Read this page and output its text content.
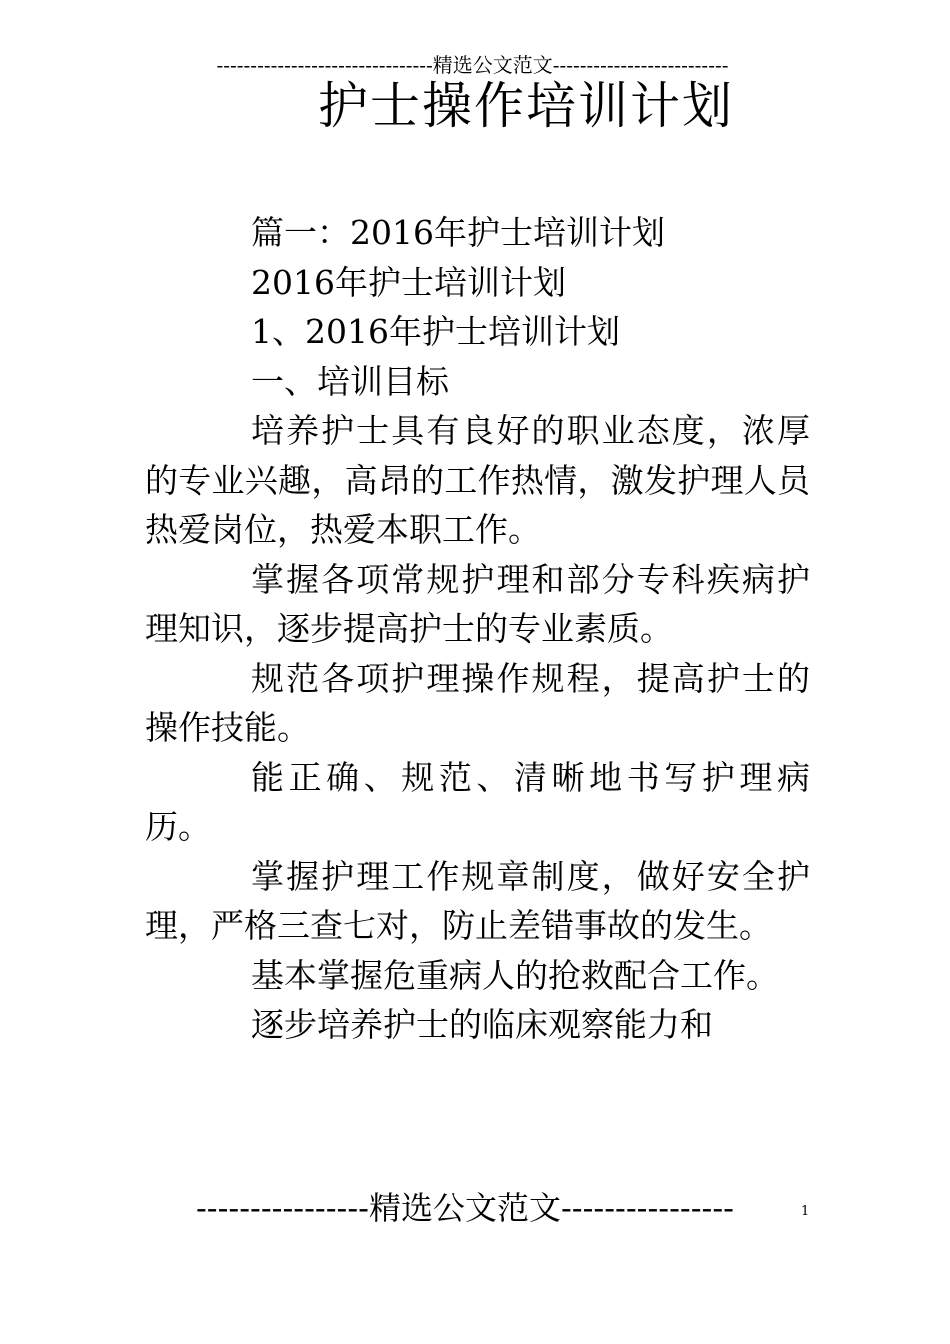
--------------------------------精选公文范文--------------------------
护士操作培训计划

篇一：2016年护士培训计划

2016年护士培训计划

1、2016年护士培训计划

一、培训目标

培养护士具有良好的职业态度，浓厚的专业兴趣，高昂的工作热情，激发护理人员热爱岗位，热爱本职工作。

掌握各项常规护理和部分专科疾病护理知识，逐步提高护士的专业素质。

规范各项护理操作规程，提高护士的操作技能。

能正确、规范、清晰地书写护理病历。

掌握护理工作规章制度，做好安全护理，严格三查七对，防止差错事故的发生。

基本掌握危重病人的抢救配合工作。

逐步培养护士的临床观察能力和

----------------精选公文范文----------------	1
